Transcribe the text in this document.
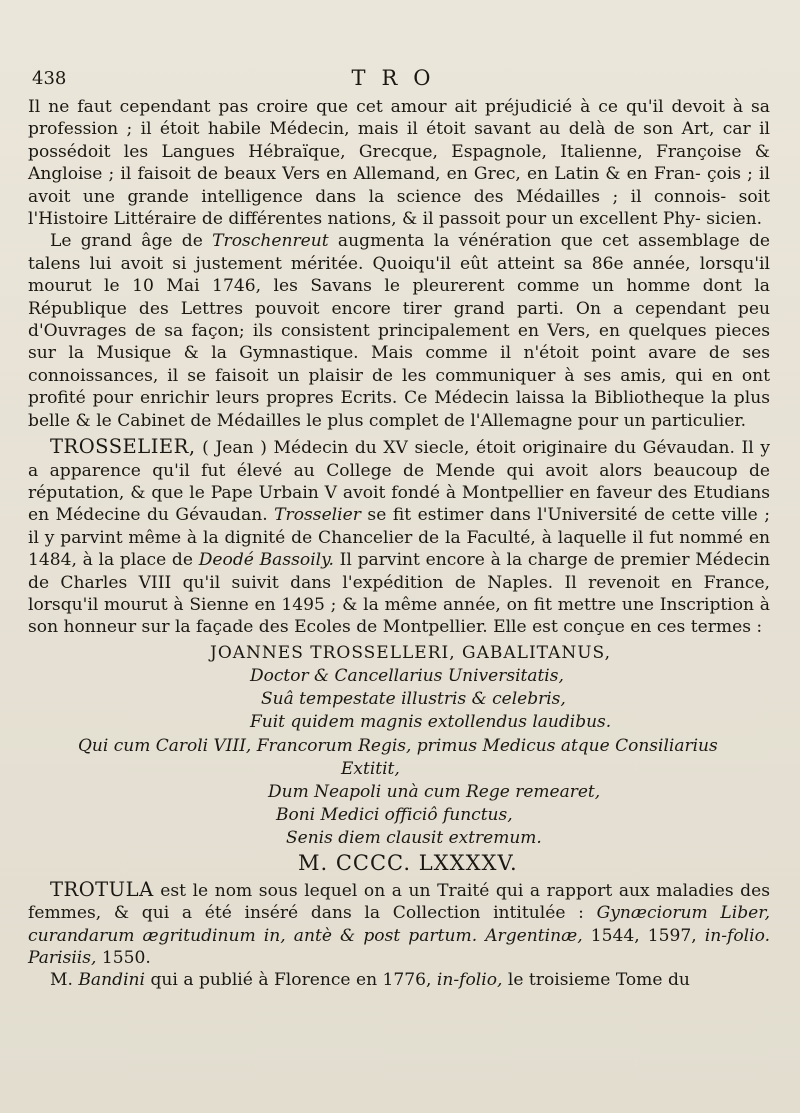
438	TRO

Il ne faut cependant pas croire que cet amour ait préjudicié à ce qu'il devoit à sa profession ; il étoit habile Médecin, mais il étoit savant au delà de son Art, car il possédoit les Langues Hébraïque, Grecque, Espagnole, Italienne, Françoise & Angloise ; il faisoit de beaux Vers en Allemand, en Grec, en Latin & en Fran- çois ; il avoit une grande intelligence dans la science des Médailles ; il connois- soit l'Histoire Littéraire de différentes nations, & il passoit pour un excellent Phy- sicien.

Le grand âge de Troschenreut augmenta la vénération que cet assemblage de talens lui avoit si justement méritée. Quoiqu'il eût atteint sa 86e année, lorsqu'il mourut le 10 Mai 1746, les Savans le pleurerent comme un homme dont la République des Lettres pouvoit encore tirer grand parti. On a cependant peu d'Ouvrages de sa façon; ils consistent principalement en Vers, en quelques pieces sur la Musique & la Gymnastique. Mais comme il n'étoit point avare de ses connoissances, il se faisoit un plaisir de les communiquer à ses amis, qui en ont profité pour enrichir leurs propres Ecrits. Ce Médecin laissa la Bibliotheque la plus belle & le Cabinet de Médailles le plus complet de l'Allemagne pour un particulier.

TROSSELIER, ( Jean ) Médecin du XV siecle, étoit originaire du Gévaudan. Il y a apparence qu'il fut élevé au College de Mende qui avoit alors beaucoup de réputation, & que le Pape Urbain V avoit fondé à Montpellier en faveur des Etudians en Médecine du Gévaudan. Trosselier se fit estimer dans l'Université de cette ville ; il y parvint même à la dignité de Chancelier de la Faculté, à laquelle il fut nommé en 1484, à la place de Deodé Bassoily. Il parvint encore à la charge de premier Médecin de Charles VIII qu'il suivit dans l'expédition de Naples. Il revenoit en France, lorsqu'il mourut à Sienne en 1495 ; & la même année, on fit mettre une Inscription à son honneur sur la façade des Ecoles de Montpellier. Elle est conçue en ces termes :

JOANNES TROSSELLERI, GABALITANUS,
Doctor & Cancellarius Universitatis,
Suâ tempestate illustris & celebris,
Fuit quidem magnis extollendus laudibus.
Qui cum Caroli VIII, Francorum Regis, primus Medicus atque Consiliarius
Extitit,
Dum Neapoli unà cum Rege remearet,
Boni Medici officiô functus,
Senis diem clausit extremum.
M. CCCC. LXXXXV.

TROTULA est le nom sous lequel on a un Traité qui a rapport aux maladies des femmes, & qui a été inséré dans la Collection intitulée : Gynæciorum Liber, curandarum ægritudinum in, antè & post partum. Argentinæ, 1544, 1597, in-folio. Parisiis, 1550.

M. Bandini qui a publié à Florence en 1776, in-folio, le troisieme Tome du
